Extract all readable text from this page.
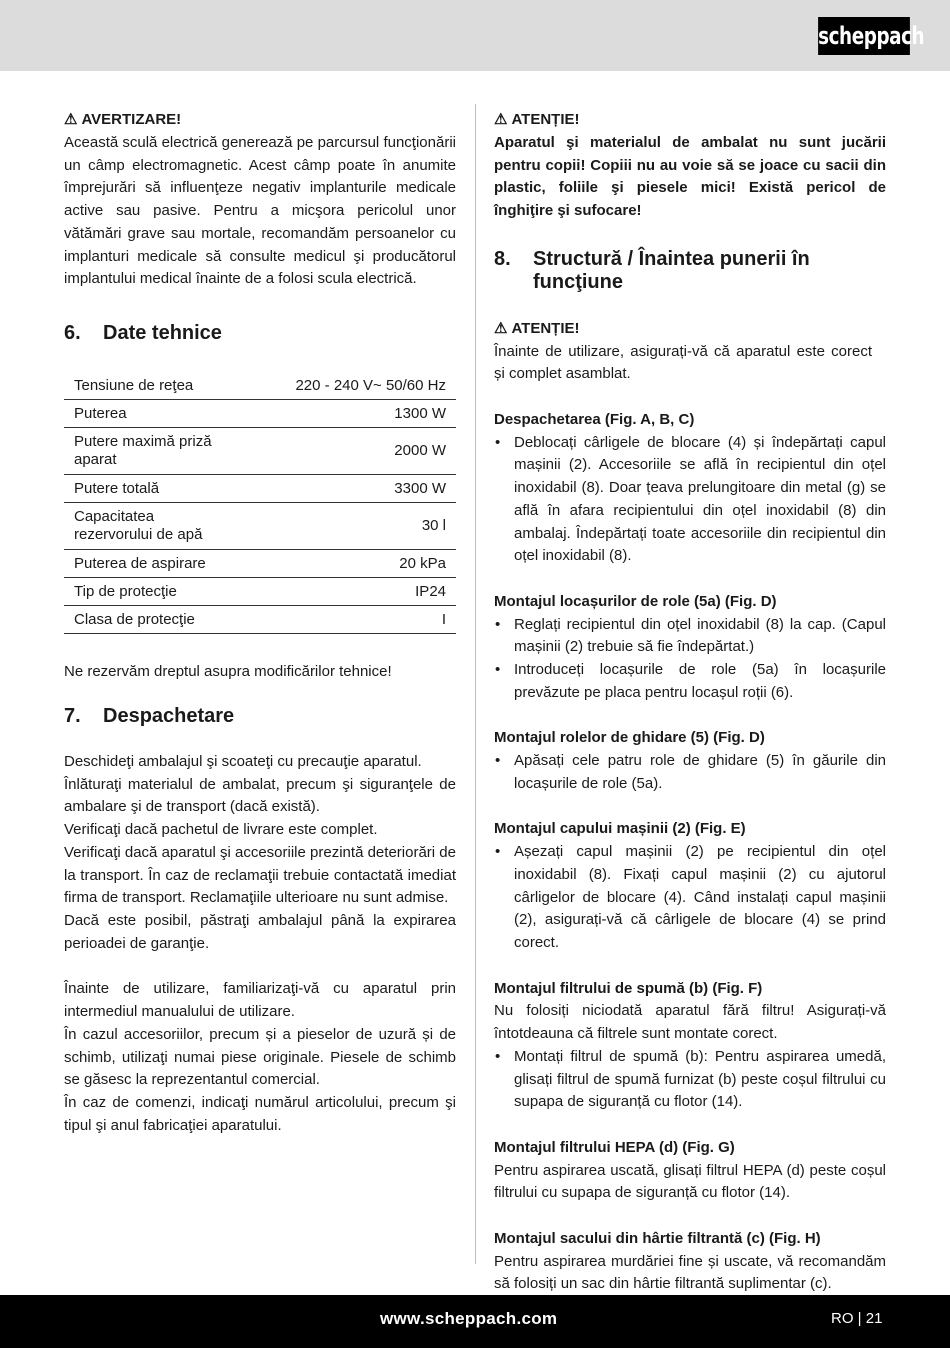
scheppach
⚠ AVERTIZARE!

Această sculă electrică generează pe parcursul funcţionării un câmp electromagnetic. Acest câmp poate în anumite împrejurări să influenţeze negativ implanturile medicale active sau pasive. Pentru a micşora pericolul unor vătămări grave sau mortale, recomandăm persoanelor cu implanturi medicale să consulte medicul şi producătorul implantului medical înainte de a folosi scula electrică.

6.	Date tehnice
Tensiune de reţea	220 - 240 V~ 50/60 Hz
Puterea	1300 W
Putere maximă priză aparat	2000 W
Putere totală	3300 W
Capacitatea rezervorului de apă	30 l
Puterea de aspirare	20 kPa
Tip de protecţie	IP24
Clasa de protecţie	I

Ne rezervăm dreptul asupra modificărilor tehnice!

7.	Despachetare

Deschideţi ambalajul şi scoateţi cu precauţie aparatul.

Înlăturaţi materialul de ambalat, precum şi siguranţele de ambalare şi de transport (dacă există).

Verificaţi dacă pachetul de livrare este complet.

Verificaţi dacă aparatul şi accesoriile prezintă deteriorări de la transport. În caz de reclamaţii trebuie contactată imediat firma de transport. Reclamaţiile ulterioare nu sunt admise.

Dacă este posibil, păstraţi ambalajul până la expirarea perioadei de garanţie.

Înainte de utilizare, familiarizaţi-vă cu aparatul prin intermediul manualului de utilizare.

În cazul accesoriilor, precum și a pieselor de uzură și de schimb, utilizaţi numai piese originale. Piesele de schimb se găsesc la reprezentantul comercial.

În caz de comenzi, indicaţi numărul articolului, precum şi tipul şi anul fabricaţiei aparatului.

⚠ ATENȚIE!

Aparatul şi materialul de ambalat nu sunt jucării pentru copii! Copiii nu au voie să se joace cu sacii din plastic, foliile şi piesele mici! Există pericol de înghiţire şi sufocare!

8.	Structură / Înaintea punerii în funcţiune
⚠ ATENȚIE!

Înainte de utilizare, asigurați-vă că aparatul este corect și complet asamblat.

Despachetarea (Fig. A, B, C)
• Deblocați cârligele de blocare (4) și îndepărtați capul mașinii (2). Accesoriile se află în recipientul din oțel inoxidabil (8). Doar țeava prelungitoare din metal (g) se află în afara recipientului din oțel inoxidabil (8) din ambalaj. Îndepărtați toate accesoriile din recipientul din oțel inoxidabil (8).
Montajul locașurilor de role (5a) (Fig. D)
• Reglați recipientul din oțel inoxidabil (8) la cap. (Capul mașinii (2) trebuie să fie îndepărtat.)
• Introduceți locașurile de role (5a) în locașurile prevăzute pe placa pentru locașul roții (6).
Montajul rolelor de ghidare (5) (Fig. D)
• Apăsați cele patru role de ghidare (5) în găurile din locașurile de role (5a).
Montajul capului mașinii (2) (Fig. E)
• Așezați capul mașinii (2) pe recipientul din oțel inoxidabil (8). Fixați capul mașinii (2) cu ajutorul cârligelor de blocare (4). Când instalați capul mașinii (2), asigurați-vă că cârligele de blocare (4) se prind corect.
Montajul filtrului de spumă (b) (Fig. F)

Nu folosiți niciodată aparatul fără filtru! Asigurați-vă întotdeauna că filtrele sunt montate corect.

• Montați filtrul de spumă (b): Pentru aspirarea umedă, glisați filtrul de spumă furnizat (b) peste coșul filtrului cu supapa de siguranță cu flotor (14).
Montajul filtrului HEPA (d) (Fig. G)

Pentru aspirarea uscată, glisați filtrul HEPA (d) peste coșul filtrului cu supapa de siguranță cu flotor (14).

Montajul sacului din hârtie filtrantă (c) (Fig. H)

Pentru aspirarea murdăriei fine și uscate, vă recomandăm să folosiți un sac din hârtie filtrantă suplimentar (c).

www.scheppach.com	RO | 21
